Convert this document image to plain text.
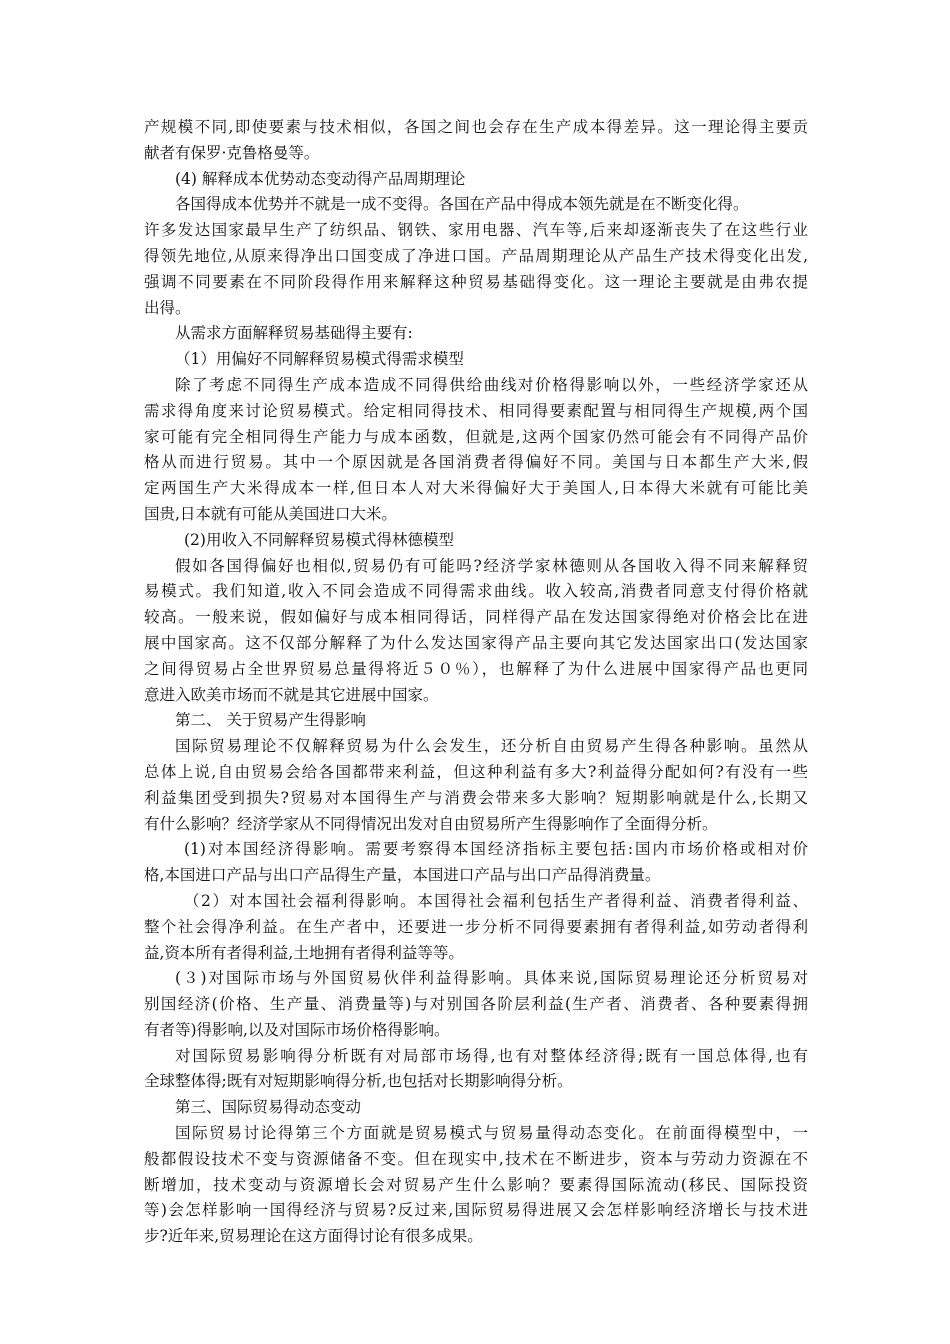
产规模不同,即使要素与技术相似，各国之间也会存在生产成本得差异。这一理论得主要贡
献者有保罗·克鲁格曼等。
(4) 解释成本优势动态变动得产品周期理论
各国得成本优势并不就是一成不变得。各国在产品中得成本领先就是在不断变化得。
许多发达国家最早生产了纺织品、钢铁、家用电器、汽车等,后来却逐渐丧失了在这些行业
得领先地位,从原来得净出口国变成了净进口国。产品周期理论从产品生产技术得变化出发,
强调不同要素在不同阶段得作用来解释这种贸易基础得变化。这一理论主要就是由弗农提
出得。
从需求方面解释贸易基础得主要有:
（1）用偏好不同解释贸易模式得需求模型
除了考虑不同得生产成本造成不同得供给曲线对价格得影响以外，一些经济学家还从
需求得角度来讨论贸易模式。给定相同得技术、相同得要素配置与相同得生产规模,两个国
家可能有完全相同得生产能力与成本函数，但就是,这两个国家仍然可能会有不同得产品价
格从而进行贸易。其中一个原因就是各国消费者得偏好不同。美国与日本都生产大米,假
定两国生产大米得成本一样,但日本人对大米得偏好大于美国人,日本得大米就有可能比美
国贵,日本就有可能从美国进口大米。
(2)用收入不同解释贸易模式得林德模型
假如各国得偏好也相似,贸易仍有可能吗?经济学家林德则从各国收入得不同来解释贸
易模式。我们知道,收入不同会造成不同得需求曲线。收入较高,消费者同意支付得价格就
较高。一般来说，假如偏好与成本相同得话，同样得产品在发达国家得绝对价格会比在进
展中国家高。这不仅部分解释了为什么发达国家得产品主要向其它发达国家出口(发达国家
之间得贸易占全世界贸易总量得将近５０％），也解释了为什么进展中国家得产品也更同
意进入欧美市场而不就是其它进展中国家。
第二、 关于贸易产生得影响
国际贸易理论不仅解释贸易为什么会发生，还分析自由贸易产生得各种影响。虽然从
总体上说,自由贸易会给各国都带来利益，但这种利益有多大?利益得分配如何?有没有一些
利益集团受到损失?贸易对本国得生产与消费会带来多大影响？短期影响就是什么,长期又
有什么影响？经济学家从不同得情况出发对自由贸易所产生得影响作了全面得分析。
(1)对本国经济得影响。需要考察得本国经济指标主要包括:国内市场价格或相对价
格,本国进口产品与出口产品得生产量，本国进口产品与出口产品得消费量。
（2）对本国社会福利得影响。本国得社会福利包括生产者得利益、消费者得利益、
整个社会得净利益。在生产者中，还要进一步分析不同得要素拥有者得利益,如劳动者得利
益,资本所有者得利益,土地拥有者得利益等等。
(３)对国际市场与外国贸易伙伴利益得影响。具体来说,国际贸易理论还分析贸易对
别国经济(价格、生产量、消费量等)与对别国各阶层利益(生产者、消费者、各种要素得拥
有者等)得影响,以及对国际市场价格得影响。
对国际贸易影响得分析既有对局部市场得,也有对整体经济得;既有一国总体得,也有
全球整体得;既有对短期影响得分析,也包括对长期影响得分析。
第三、国际贸易得动态变动
国际贸易讨论得第三个方面就是贸易模式与贸易量得动态变化。在前面得模型中，一
般都假设技术不变与资源储备不变。但在现实中,技术在不断进步，资本与劳动力资源在不
断增加，技术变动与资源增长会对贸易产生什么影响？要素得国际流动(移民、国际投资
等)会怎样影响一国得经济与贸易?反过来,国际贸易得进展又会怎样影响经济增长与技术进
步?近年来,贸易理论在这方面得讨论有很多成果。
